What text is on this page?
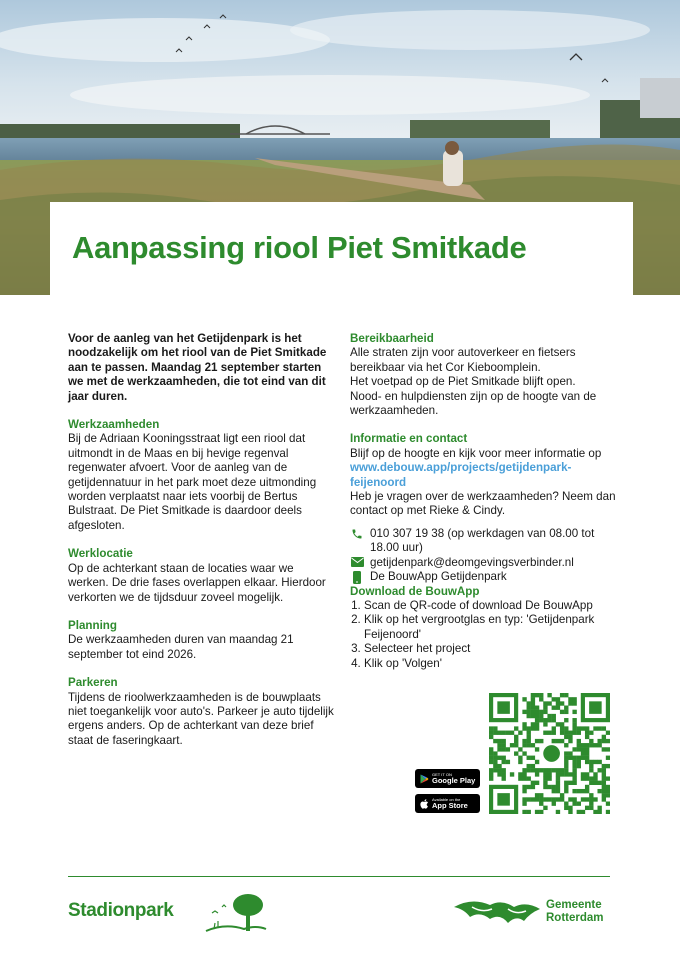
Aanpassing riool Piet Smitkade

Voor de aanleg van het Getijdenpark is het noodzakelijk om het riool van de Piet Smitkade aan te passen. Maandag 21 september starten we met de werkzaamheden, die tot eind van dit jaar duren.

Werkzaamheden

Bij de Adriaan Kooningsstraat ligt een riool dat uitmondt in de Maas en bij hevige regenval regenwater afvoert. Voor de aanleg van de getijdennatuur in het park moet deze uitmonding worden verplaatst naar iets voorbij de Bertus Bulstraat. De Piet Smitkade is daardoor deels afgesloten.

Werklocatie

Op de achterkant staan de locaties waar we werken. De drie fases overlappen elkaar. Hierdoor verkorten we de tijdsduur zoveel mogelijk.

Planning

De werkzaamheden duren van maandag 21 september tot eind 2026.

Parkeren

Tijdens de rioolwerkzaamheden is de bouwplaats niet toegankelijk voor auto's. Parkeer je auto tijdelijk ergens anders. Op de achterkant van deze brief staat de faseringkaart.

Bereikbaarheid

Alle straten zijn voor autoverkeer en fietsers bereikbaar via het Cor Kieboomplein.

Het voetpad op de Piet Smitkade blijft open.

Nood- en hulpdiensten zijn op de hoogte van de werkzaamheden.

Informatie en contact

Blijf op de hoogte en kijk voor meer informatie op www.debouw.app/projects/getijdenpark-feijenoord

Heb je vragen over de werkzaamheden? Neem dan contact op met Rieke & Cindy.

010 307 19 38 (op werkdagen van 08.00 tot 18.00 uur)
getijdenpark@deomgevingsverbinder.nl
De BouwApp Getijdenpark
Download de BouwApp
1. Scan de QR-code of download De BouwApp
2. Klik op het vergrootglas en typ: 'Getijdenpark Feijenoord'
3. Selecteer het project
4. Klik op 'Volgen'
GET IT ON
Google Play
Available on the
App Store
Stadionpark	Gemeente
Rotterdam
